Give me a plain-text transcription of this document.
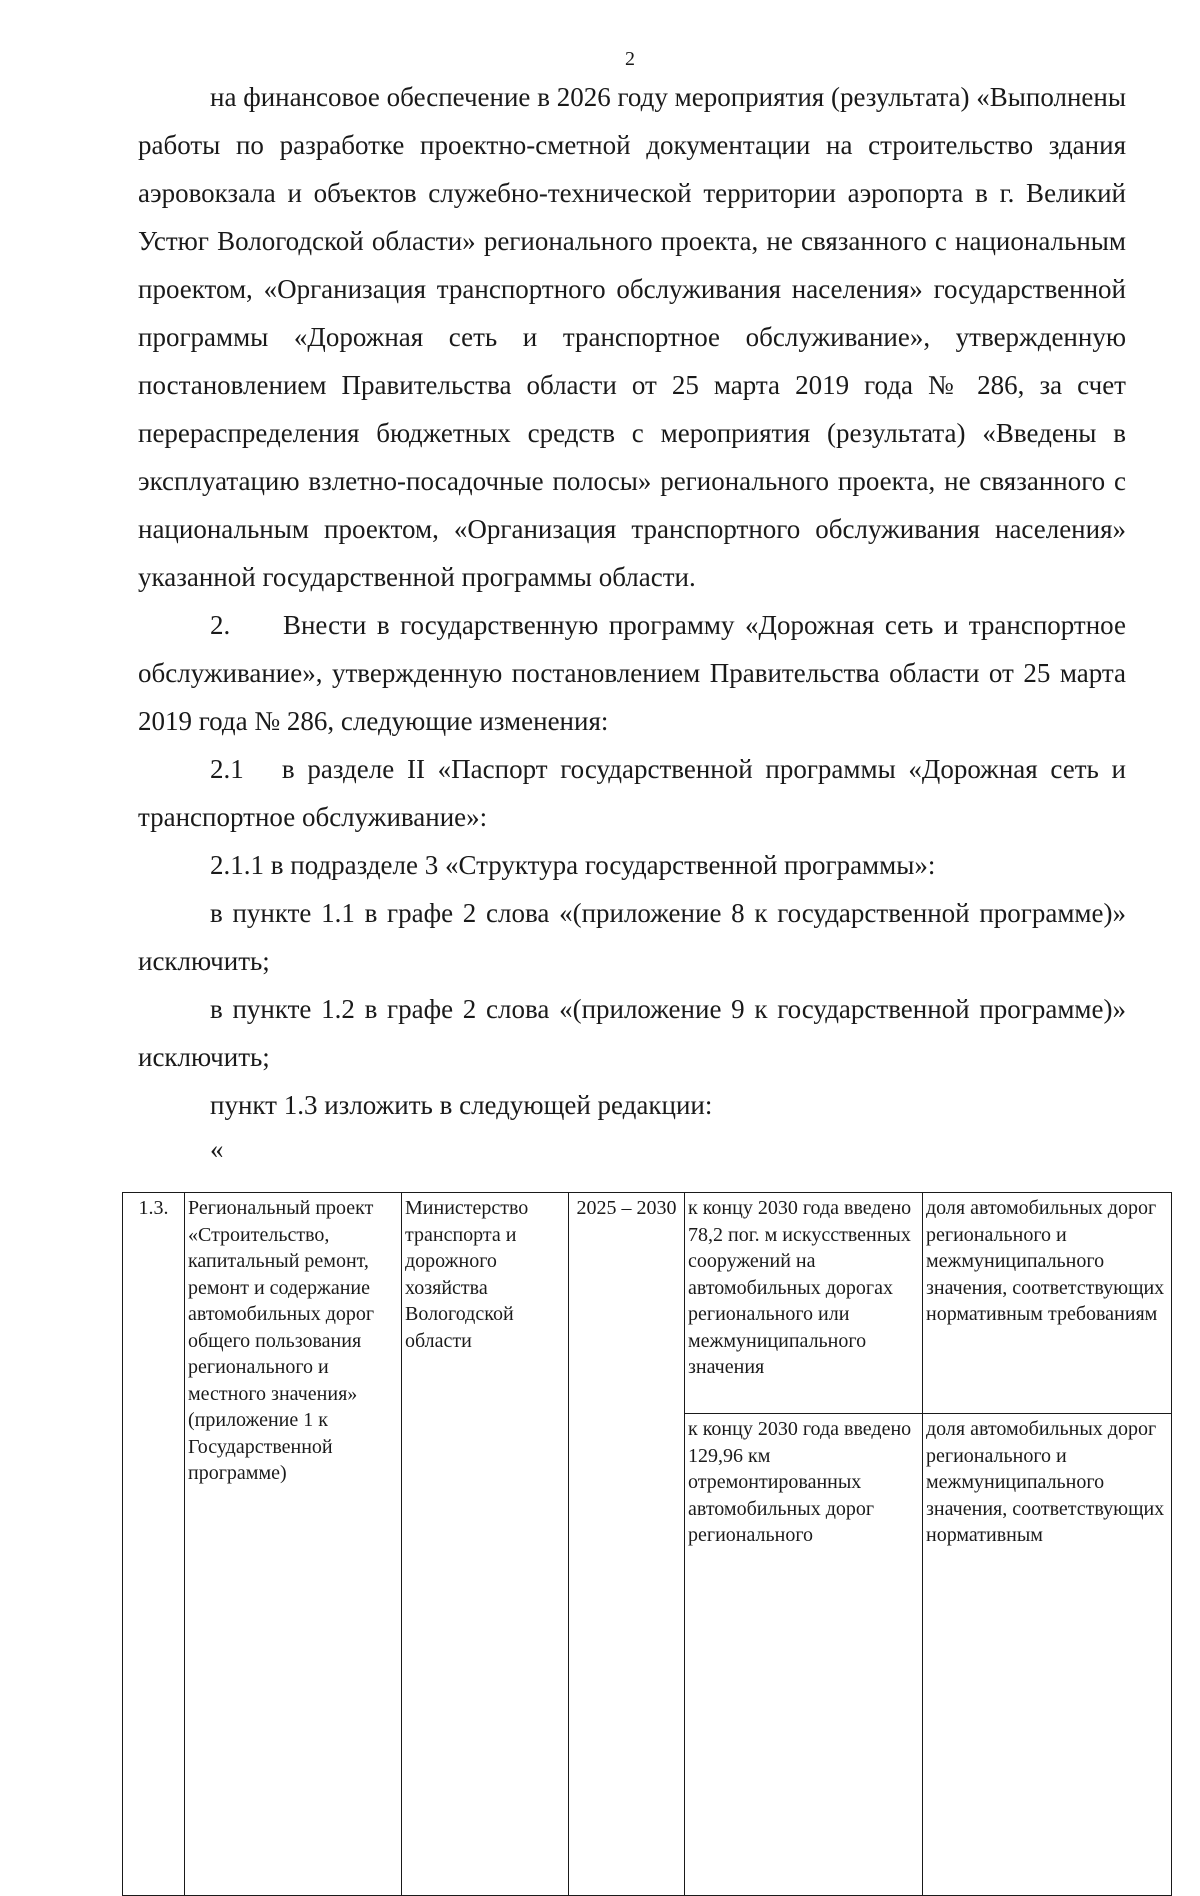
2

на финансовое обеспечение в 2026 году мероприятия (результата) «Выполнены работы по разработке проектно-сметной документации на строительство здания аэровокзала и объектов служебно-технической территории аэропорта в г. Великий Устюг Вологодской области» регионального проекта, не связанного с национальным проектом, «Организация транспортного обслуживания населения» государственной программы «Дорожная сеть и транспортное обслуживание», утвержденную постановлением Правительства области от 25 марта 2019 года № 286, за счет перераспределения бюджетных средств с мероприятия (результата) «Введены в эксплуатацию взлетно-посадочные полосы» регионального проекта, не связанного с национальным проектом, «Организация транспортного обслуживания населения» указанной государственной программы области.

2.     Внести в государственную программу «Дорожная сеть и транспортное обслуживание», утвержденную постановлением Правительства области от 25 марта 2019 года № 286, следующие изменения:

2.1   в разделе II «Паспорт государственной программы «Дорожная сеть и транспортное обслуживание»:

2.1.1 в подразделе 3 «Структура государственной программы»:

в пункте 1.1 в графе 2 слова «(приложение 8 к государственной программе)» исключить;

в пункте 1.2 в графе 2 слова «(приложение 9 к государственной программе)» исключить;

пункт 1.3 изложить в следующей редакции:

«

1.3.	Региональный проект «Строительство, капитальный ремонт, ремонт и содержание автомобильных дорог общего пользования регионального и местного значения» (приложение 1 к Государственной программе)	Министерство транспорта и дорожного хозяйства Вологодской области	2025 – 2030	к концу 2030 года введено 78,2 пог. м искусственных сооружений на автомобильных дорогах регионального или межмуниципального значения	доля автомобильных дорог регионального и межмуниципального значения, соответствующих нормативным требованиям
				к концу 2030 года введено 129,96 км отремонтированных автомобильных дорог регионального	доля автомобильных дорог регионального и межмуниципального значения, соответствующих нормативным
